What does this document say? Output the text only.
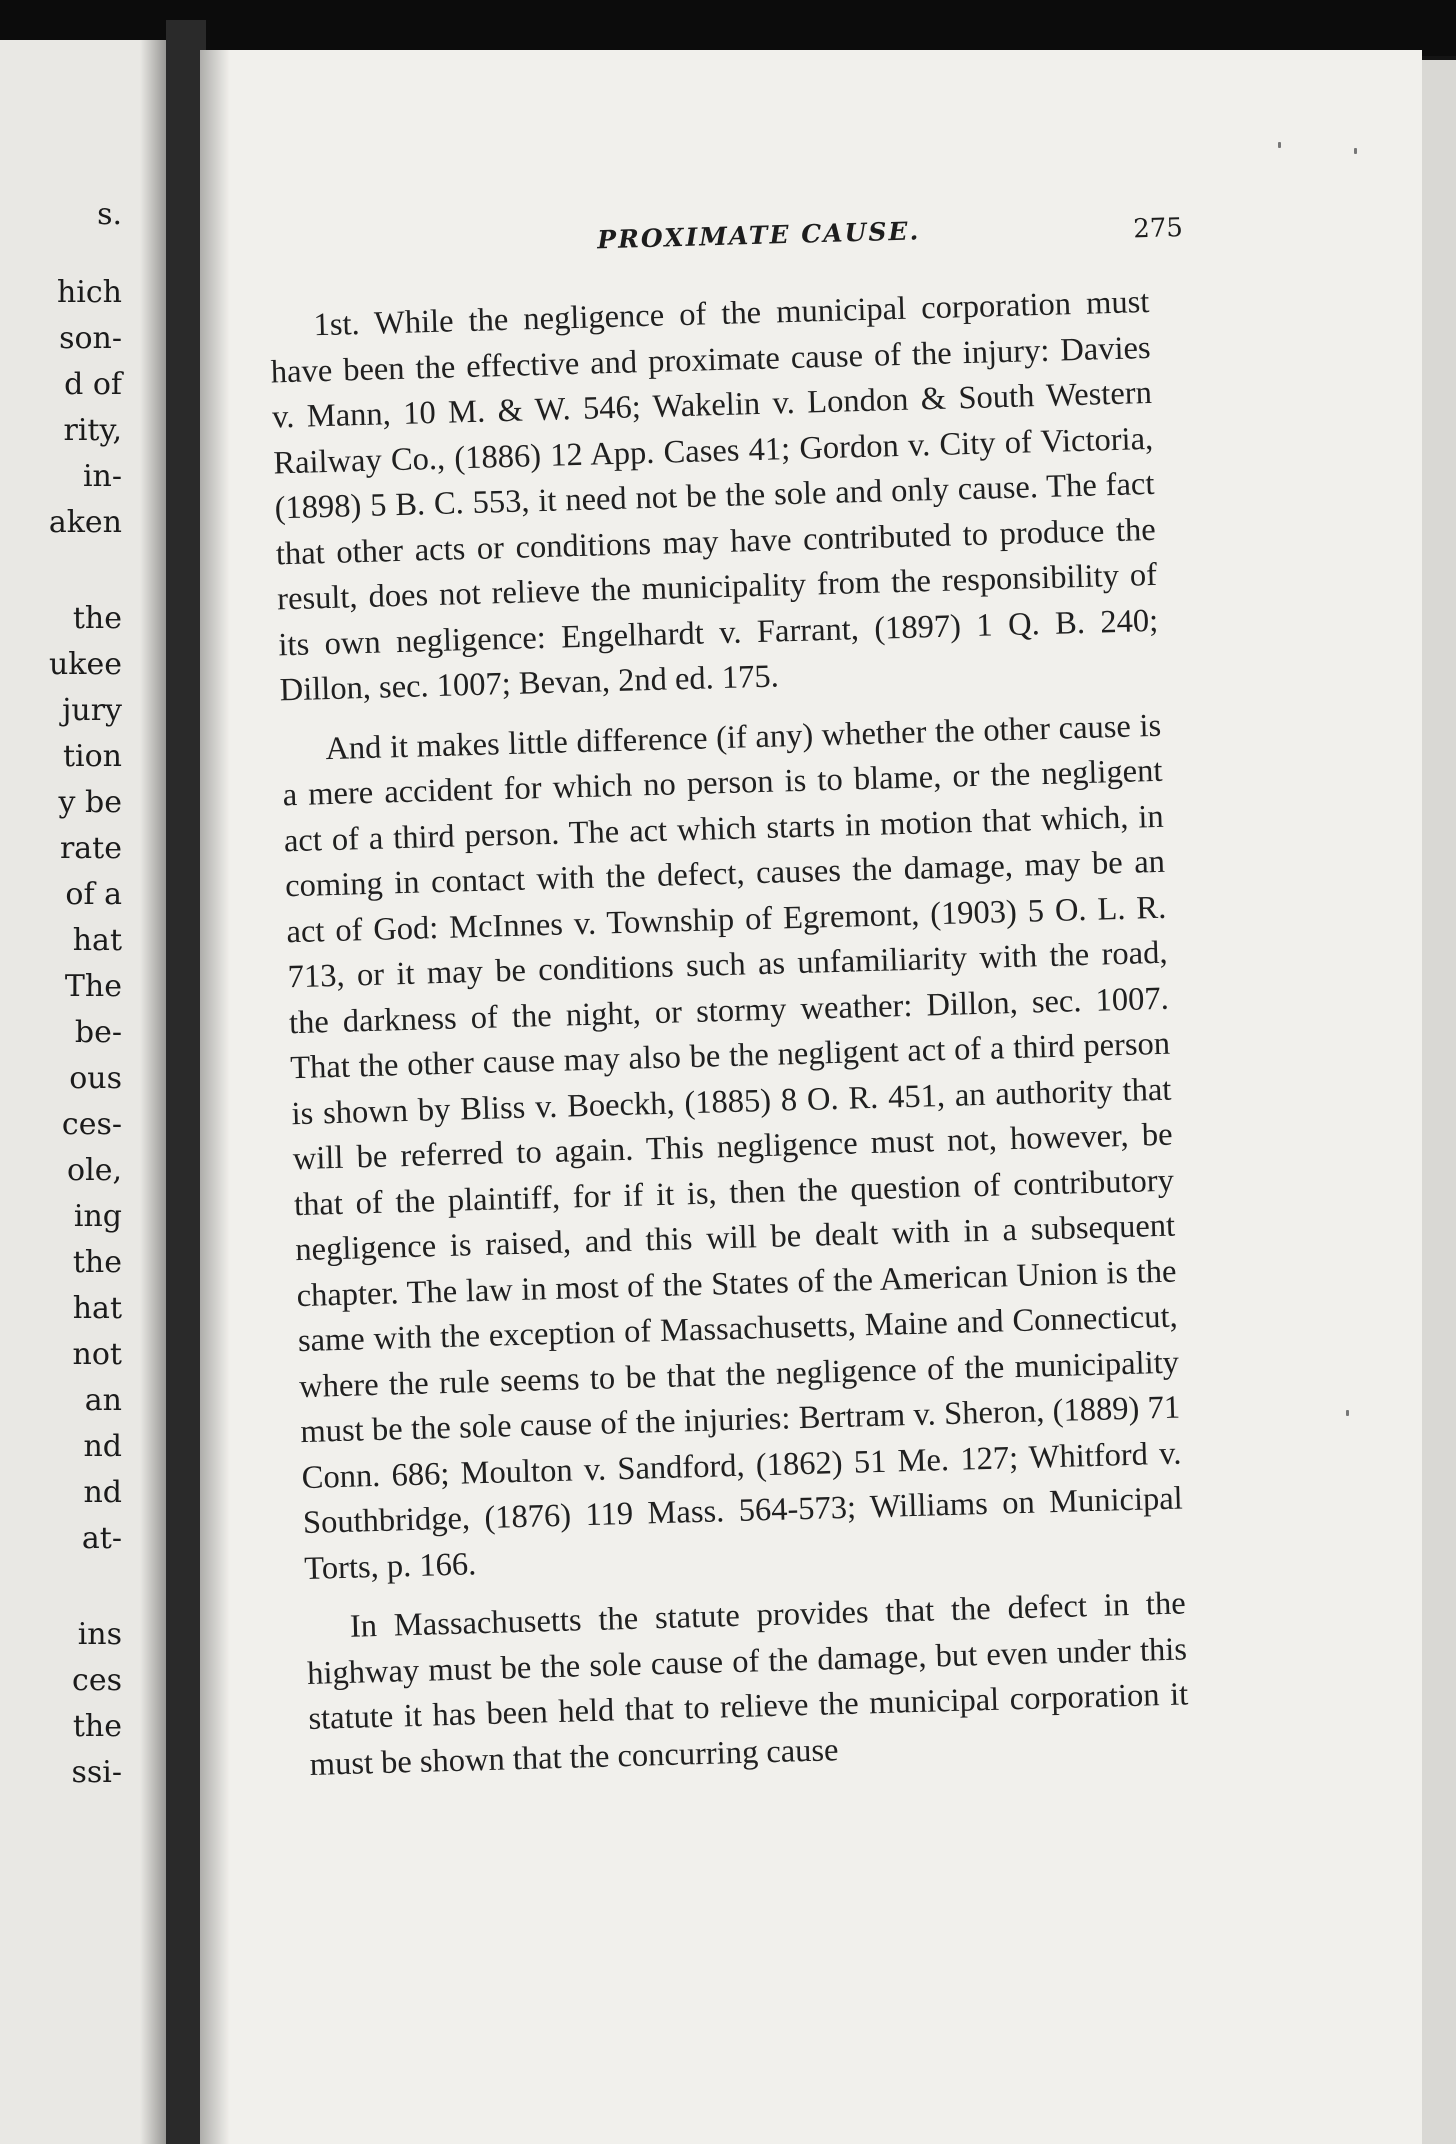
s.
hich
son-
d of
rity,
in-
aken
the
ukee
jury
tion
y be
rate
of a
hat
The
be-
ous
ces-
ole,
ing
the
hat
not
an
nd
nd
at-
ins
ces
the
ssi-
PROXIMATE CAUSE.	275

1st. While the negligence of the municipal corporation must have been the effective and proximate cause of the injury: Davies v. Mann, 10 M. & W. 546; Wakelin v. London & South Western Railway Co., (1886) 12 App. Cases 41; Gordon v. City of Victoria, (1898) 5 B. C. 553, it need not be the sole and only cause. The fact that other acts or conditions may have contributed to produce the result, does not relieve the municipality from the responsibility of its own negligence: Engelhardt v. Farrant, (1897) 1 Q. B. 240; Dillon, sec. 1007; Bevan, 2nd ed. 175.

And it makes little difference (if any) whether the other cause is a mere accident for which no person is to blame, or the negligent act of a third person. The act which starts in motion that which, in coming in contact with the defect, causes the damage, may be an act of God: McInnes v. Township of Egremont, (1903) 5 O. L. R. 713, or it may be conditions such as unfamiliarity with the road, the darkness of the night, or stormy weather: Dillon, sec. 1007. That the other cause may also be the negligent act of a third person is shown by Bliss v. Boeckh, (1885) 8 O. R. 451, an authority that will be referred to again. This negligence must not, however, be that of the plaintiff, for if it is, then the question of contributory negligence is raised, and this will be dealt with in a subsequent chapter. The law in most of the States of the American Union is the same with the exception of Massachusetts, Maine and Connecticut, where the rule seems to be that the negligence of the municipality must be the sole cause of the injuries: Bertram v. Sheron, (1889) 71 Conn. 686; Moulton v. Sandford, (1862) 51 Me. 127; Whitford v. Southbridge, (1876) 119 Mass. 564-573; Williams on Municipal Torts, p. 166.

In Massachusetts the statute provides that the defect in the highway must be the sole cause of the damage, but even under this statute it has been held that to relieve the municipal corporation it must be shown that the concurring cause
